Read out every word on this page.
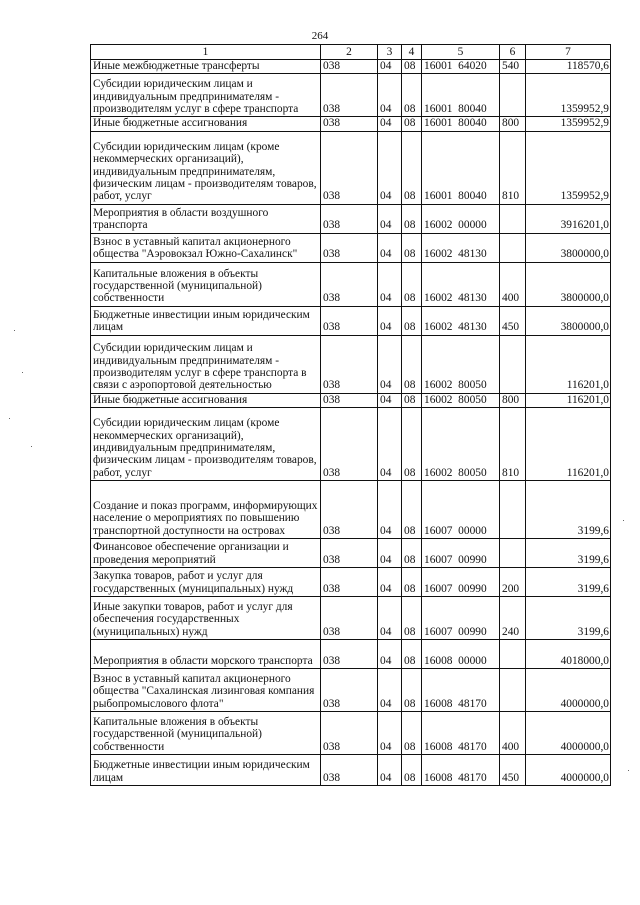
264
1	2	3	4	5	6	7
Иные межбюджетные трансферты	038	04	08	16001  64020	540	118570,6
Субсидии юридическим лицам и индивидуальным предпринимателям - производителям услуг в сфере транспорта	038	04	08	16001  80040		1359952,9
Иные бюджетные ассигнования	038	04	08	16001  80040	800	1359952,9
Субсидии юридическим лицам (кроме некоммерческих организаций), индивидуальным предпринимателям, физическим лицам - производителям товаров, работ, услуг	038	04	08	16001  80040	810	1359952,9
Мероприятия в области воздушного транспорта	038	04	08	16002  00000		3916201,0
Взнос в уставный капитал акционерного общества "Аэровокзал Южно-Сахалинск"	038	04	08	16002  48130		3800000,0
Капитальные вложения в объекты государственной (муниципальной) собственности	038	04	08	16002  48130	400	3800000,0
Бюджетные инвестиции иным юридическим лицам	038	04	08	16002  48130	450	3800000,0
Субсидии юридическим лицам и индивидуальным предпринимателям - производителям услуг в сфере транспорта в связи с аэропортовой деятельностью	038	04	08	16002  80050		116201,0
Иные бюджетные ассигнования	038	04	08	16002  80050	800	116201,0
Субсидии юридическим лицам (кроме некоммерческих организаций), индивидуальным предпринимателям, физическим лицам - производителям товаров, работ, услуг	038	04	08	16002  80050	810	116201,0
Создание и показ программ, информирующих население о мероприятиях по повышению транспортной доступности на островах	038	04	08	16007  00000		3199,6
Финансовое обеспечение организации и проведения мероприятий	038	04	08	16007  00990		3199,6
Закупка товаров, работ и услуг для государственных (муниципальных) нужд	038	04	08	16007  00990	200	3199,6
Иные закупки товаров, работ и услуг для обеспечения государственных (муниципальных) нужд	038	04	08	16007  00990	240	3199,6
Мероприятия в области морского транспорта	038	04	08	16008  00000		4018000,0
Взнос в уставный капитал акционерного общества "Сахалинская лизинговая компания рыбопромыслового флота"	038	04	08	16008  48170		4000000,0
Капитальные вложения в объекты государственной (муниципальной) собственности	038	04	08	16008  48170	400	4000000,0
Бюджетные инвестиции иным юридическим лицам	038	04	08	16008  48170	450	4000000,0
